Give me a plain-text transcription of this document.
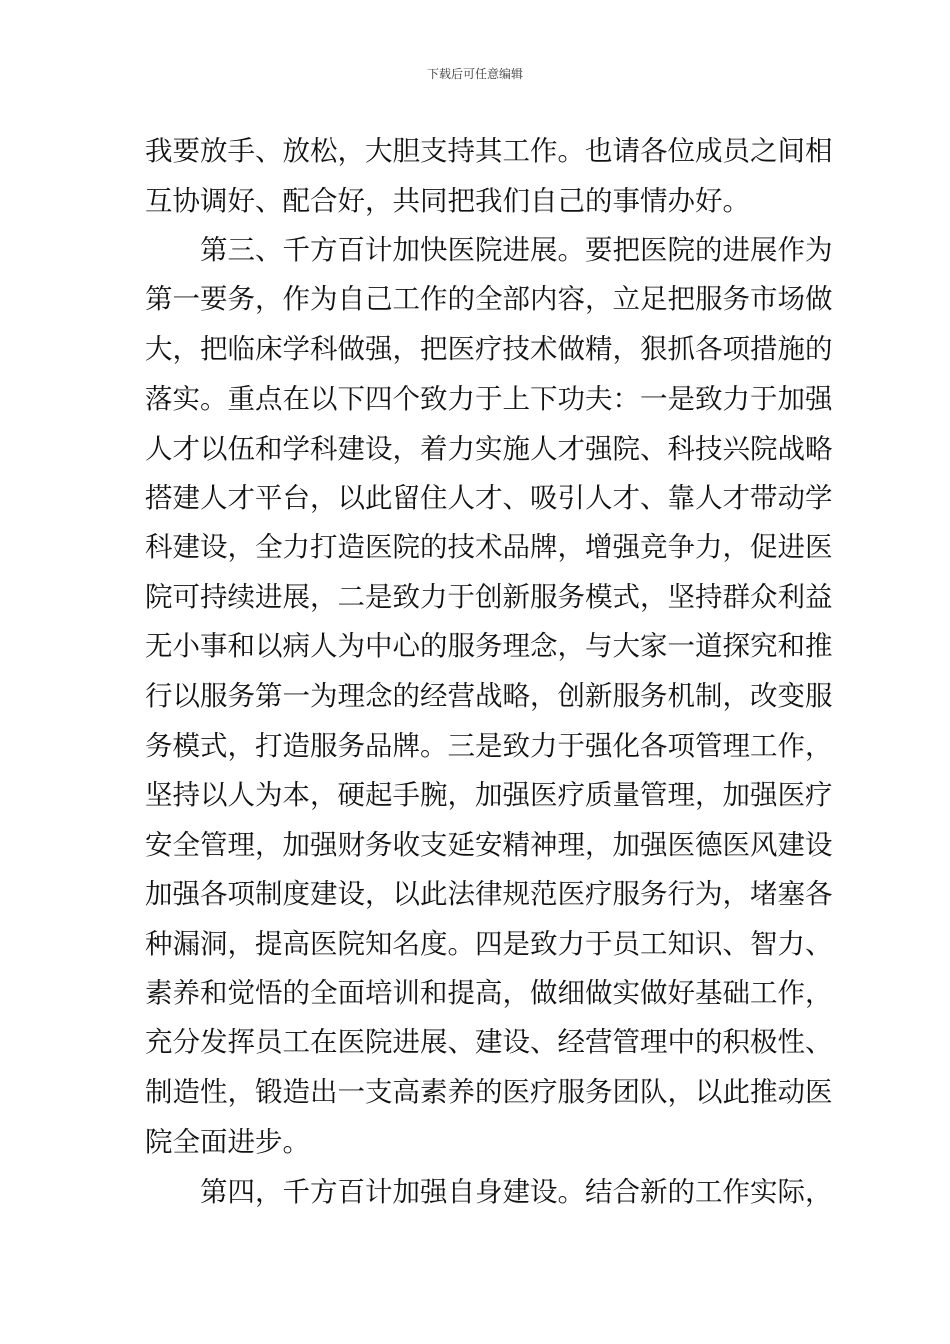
下载后可任意编辑
我要放手、放松，大胆支持其工作。也请各位成员之间相
互协调好、配合好，共同把我们自己的事情办好。
第三、千方百计加快医院进展。要把医院的进展作为
第一要务，作为自己工作的全部内容，立足把服务市场做
大，把临床学科做强，把医疗技术做精，狠抓各项措施的
落实。重点在以下四个致力于上下功夫：一是致力于加强
人才以伍和学科建设，着力实施人才强院、科技兴院战略
搭建人才平台，以此留住人才、吸引人才、靠人才带动学
科建设，全力打造医院的技术品牌，增强竞争力，促进医
院可持续进展，二是致力于创新服务模式，坚持群众利益
无小事和以病人为中心的服务理念，与大家一道探究和推
行以服务第一为理念的经营战略，创新服务机制，改变服
务模式，打造服务品牌。三是致力于强化各项管理工作，
坚持以人为本，硬起手腕，加强医疗质量管理，加强医疗
安全管理，加强财务收支延安精神理，加强医德医风建设
加强各项制度建设，以此法律规范医疗服务行为，堵塞各
种漏洞，提高医院知名度。四是致力于员工知识、智力、
素养和觉悟的全面培训和提高，做细做实做好基础工作，
充分发挥员工在医院进展、建设、经营管理中的积极性、
制造性，锻造出一支高素养的医疗服务团队，以此推动医
院全面进步。
第四，千方百计加强自身建设。结合新的工作实际，
